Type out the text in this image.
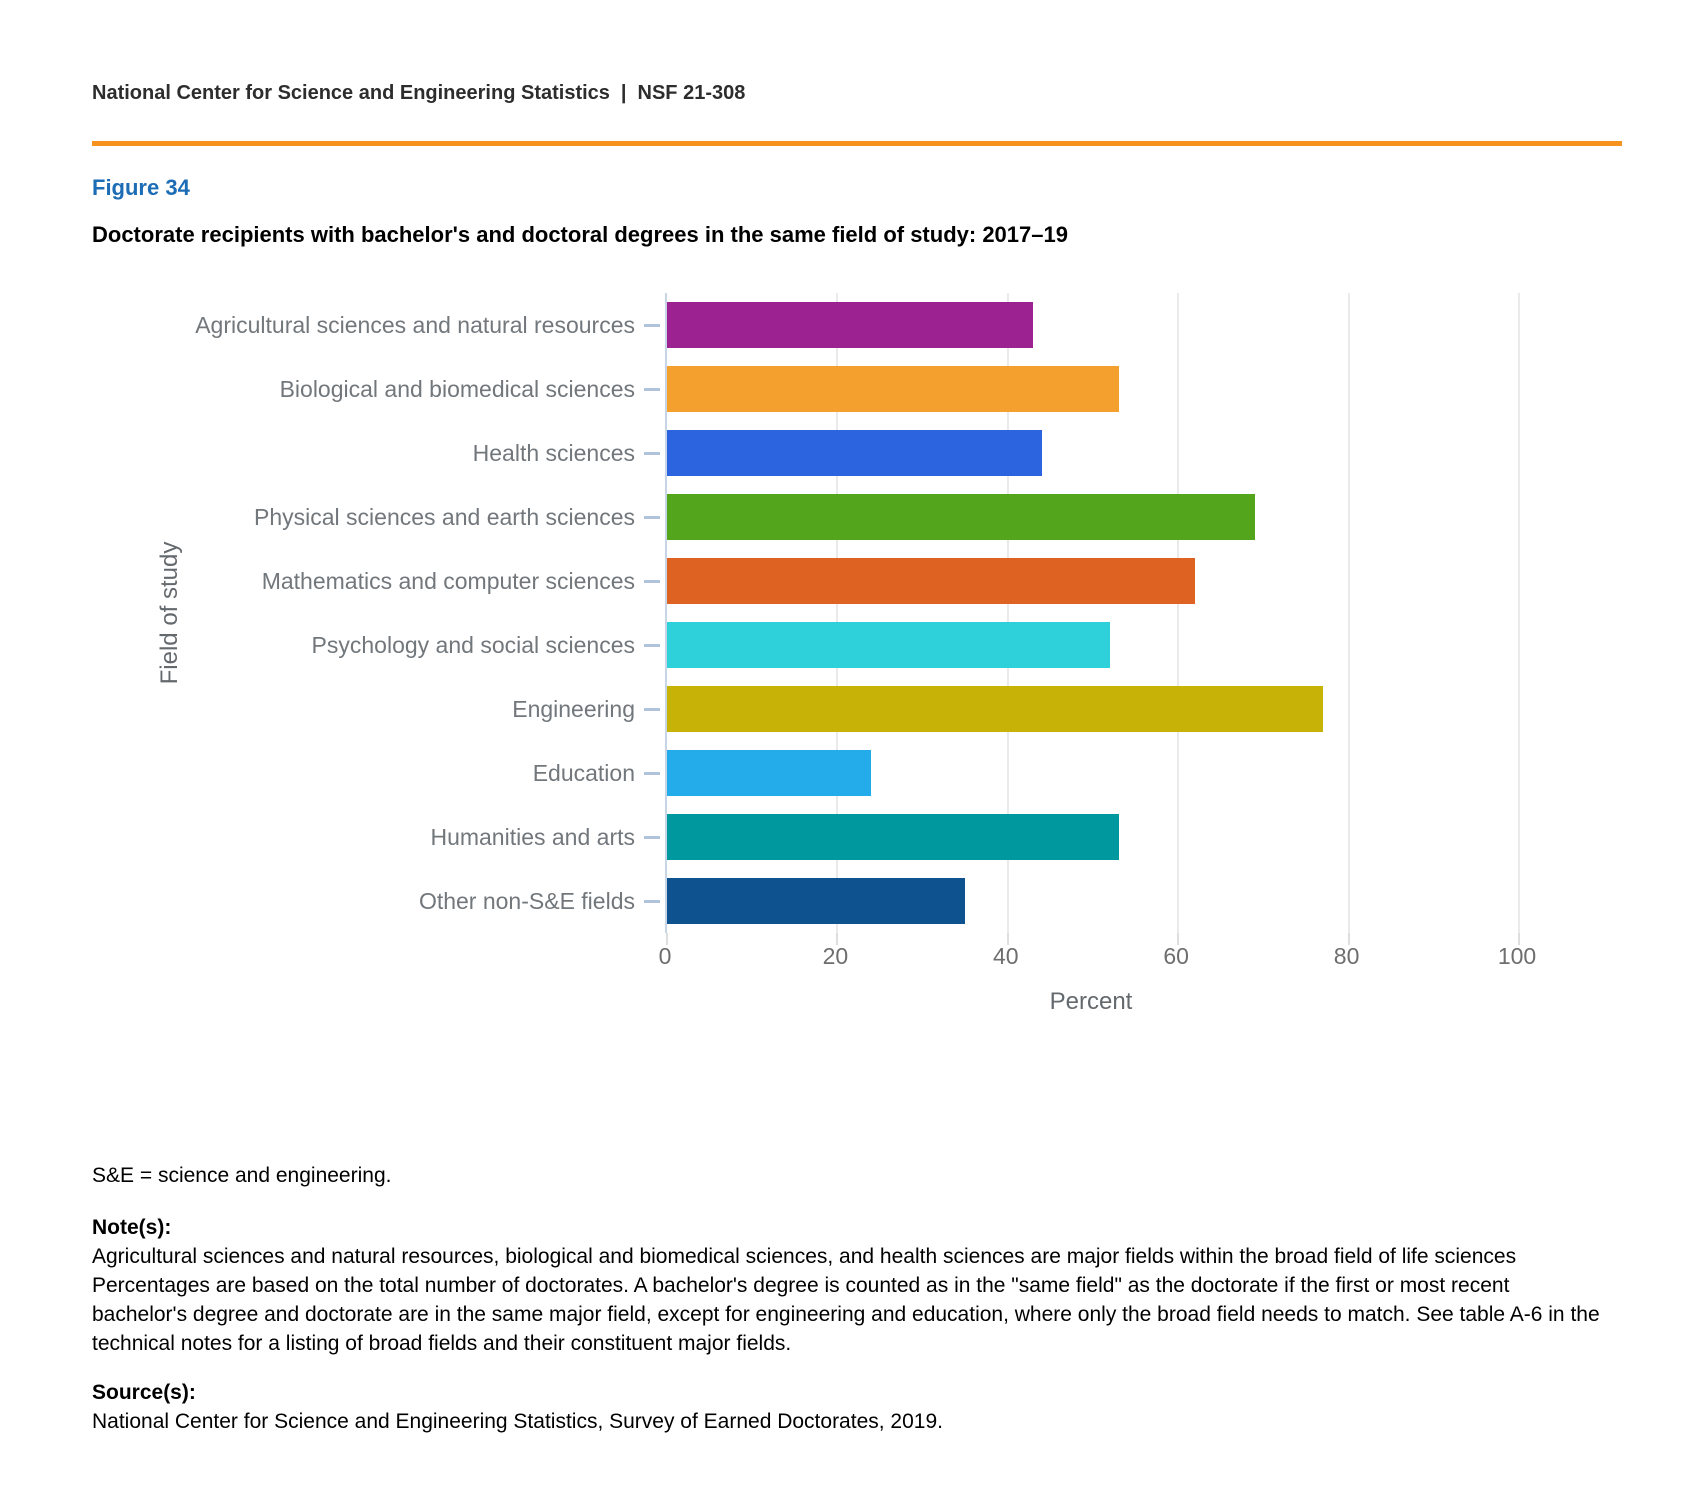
National Center for Science and Engineering Statistics | NSF 21-308
Figure 34
Doctorate recipients with bachelor's and doctoral degrees in the same field of study: 2017–19
Field of study
0	20	40	60	80	100
Percent
Agricultural sciences and natural resources
Biological and biomedical sciences
Health sciences
Physical sciences and earth sciences
Mathematics and computer sciences
Psychology and social sciences
Engineering
Education
Humanities and arts
Other non-S&E fields

S&E = science and engineering.

Note(s):

Agricultural sciences and natural resources, biological and biomedical sciences, and health sciences are major fields within the broad field of life sciences Percentages are based on the total number of doctorates. A bachelor's degree is counted as in the "same field" as the doctorate if the first or most recent bachelor's degree and doctorate are in the same major field, except for engineering and education, where only the broad field needs to match. See table A-6 in the technical notes for a listing of broad fields and their constituent major fields.

Source(s):

National Center for Science and Engineering Statistics, Survey of Earned Doctorates, 2019.
